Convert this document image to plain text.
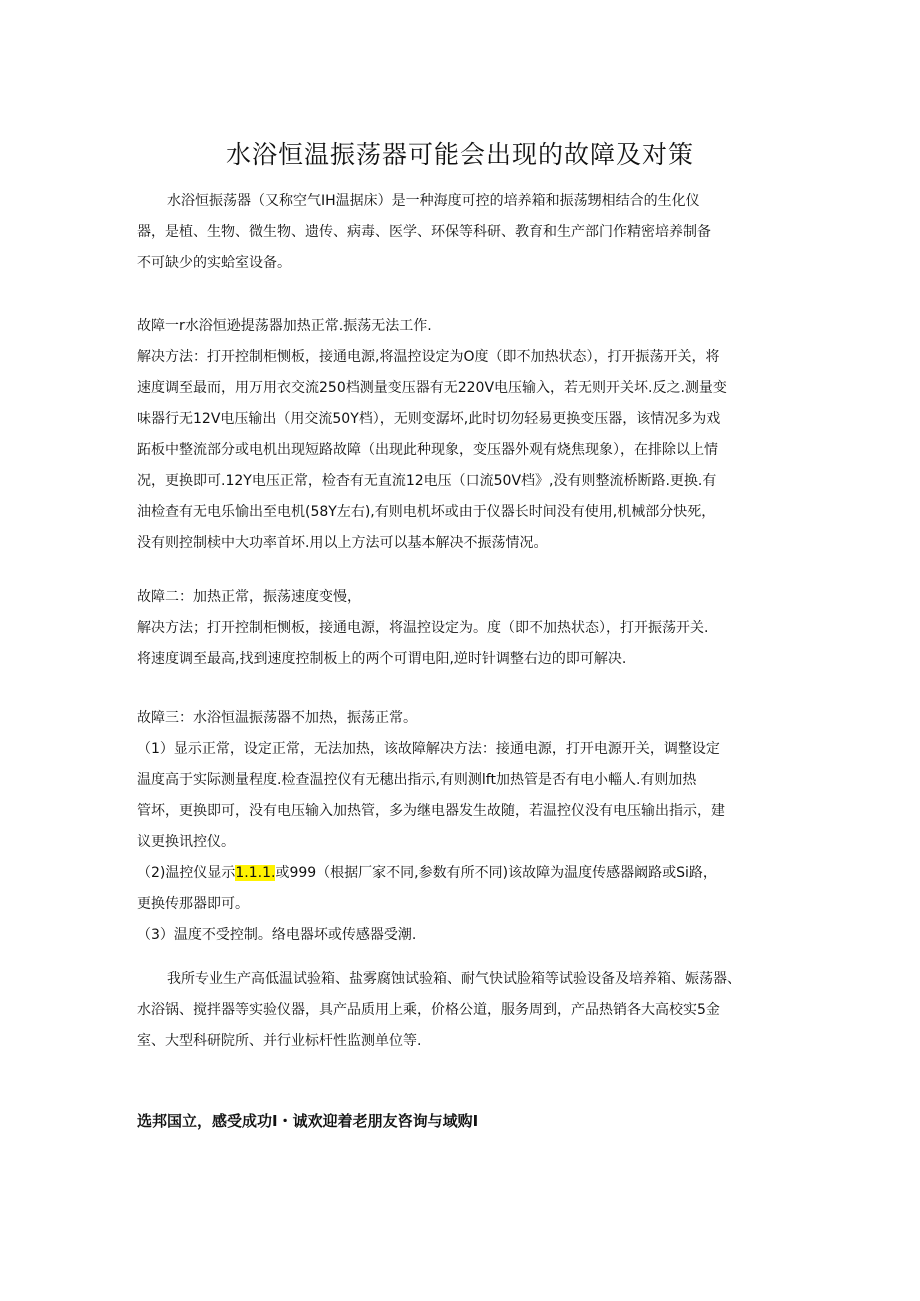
水浴恒温振荡器可能会出现的故障及对策

水浴恒振荡器（又称空气IH温据床）是一种海度可控的培养箱和振荡甥相结合的生化仪
器，是植、生物、微生物、遗传、病毒、医学、环保等科研、教育和生产部门作精密培养制备
不可缺少的实蛤室设备。

故障一r水浴恒逊提荡器加热正常.振荡无法工作.
解决方法：打开控制柜恻板，接通电源,将温控设定为O度（即不加热状态），打开振荡开关，将
速度调至最而，用万用衣交流250档测量变压器有无220V电压输入，若无则开关坏.反之.测量变
味器行无12V电压输出（用交流50Y档），无则变潺坏,此时切勿轻易更换变压器，该情况多为戏
跖板中整流部分或电机出现短路故障（出现此种现象，变压器外观有烧焦现象），在排除以上情
况，更换即可.12Y电压正常，检杳有无直流12电压（口流50V档》,没有则整流桥断路.更换.有
油检查有无电乐愉出至电机(58Y左右),有则电机坏或由于仪器长时间没有使用,机械部分快死，
没有则控制椟中大功率首坏.用以上方法可以基本解决不振荡情况。

故障二：加热正常，振荡速度变慢，
解决方法；打开控制柜恻板，接通电源，将温控设定为。度（即不加热状态），打开振荡开关.
将速度调至最高,找到速度控制板上的两个可谓电阳,逆时针调整右边的即可解决.

故障三：水浴恒温振荡器不加热，振荡正常。
（1）显示正常，设定正常，无法加热，该故障解决方法：接通电源，打开电源开关，调整设定
温度高于实际测量程度.检查温控仪有无穗出指示,有则测lft加热管是否有电小輜人.有则加热
管坏，更换即可，没有电压输入加热管，多为继电器发生故随，若温控仪没有电压输出指示，建
议更换讯控仪。
（2)温控仪显示1.1.1.或999（根据厂家不同,参数有所不同)该故障为温度传感器阚路或Si路，
更换传那器即可。
（3）温度不受控制。络电器坏或传感器受潮.

我所专业生产高低温试验箱、盐雾腐蚀试验箱、耐气快试脸箱等试验设备及培养箱、娠荡器、
水浴锅、搅拌器等实验仪器，具产品质用上乘，价格公道，服务周到，产品热销各大高校实5金
室、大型科研院所、并行业标杆性监测单位等.

选邦国立，感受成功I・诚欢迎着老朋友咨询与域购I
